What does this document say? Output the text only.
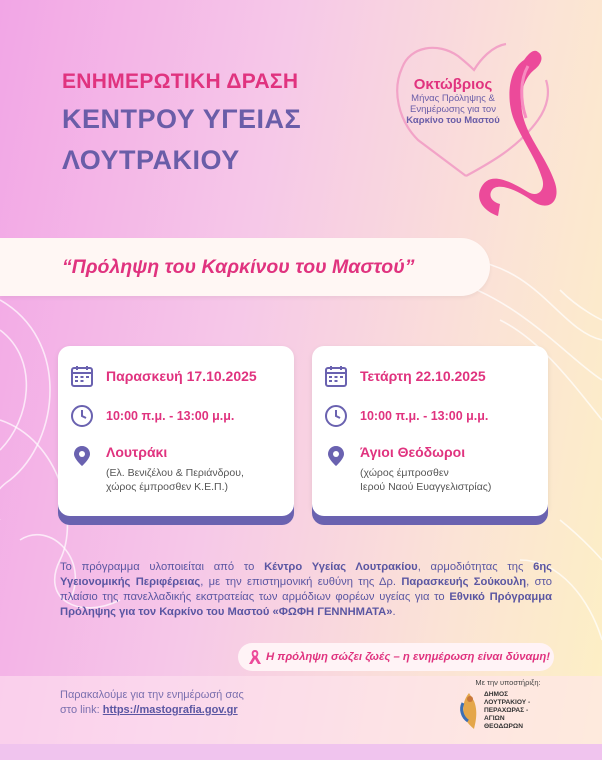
ΕΝΗΜΕΡΩΤΙΚΗ ΔΡΑΣΗ
ΚΕΝΤΡΟΥ ΥΓΕΙΑΣ
ΛΟΥΤΡΑΚΙΟΥ
Οκτώβριος
Μήνας Πρόληψης &
Ενημέρωσης για τον
Καρκίνο του Μαστού
“Πρόληψη του Καρκίνου του Μαστού”
Παρασκευή 17.10.2025
10:00 π.μ. - 13:00 μ.μ.
Λουτράκι
(Ελ. Βενιζέλου & Περιάνδρου,
χώρος έμπροσθεν Κ.Ε.Π.)
Τετάρτη 22.10.2025
10:00 π.μ. - 13:00 μ.μ.
Άγιοι Θεόδωροι
(χώρος έμπροσθεν
Ιερού Ναού Ευαγγελιστρίας)
Το πρόγραμμα υλοποιείται από το Κέντρο Υγείας Λουτρακίου, αρμοδιότητας της 6ης Υγειονομικής Περιφέρειας, με την επιστημονική ευθύνη της Δρ. Παρασκευής Σούκουλη, στο πλαίσιο της πανελλαδικής εκστρατείας των αρμόδιων φορέων υγείας για το Εθνικό Πρόγραμμα Πρόληψης για τον Καρκίνο του Μαστού «ΦΩΦΗ ΓΕΝΝΗΜΑΤΑ».
Η πρόληψη σώζει ζωές – η ενημέρωση είναι δύναμη!
Παρακαλούμε για την ενημέρωσή σας
στο link: https://mastografia.gov.gr
Με την υποστήριξη:
ΔΗΜΟΣ
ΛΟΥΤΡΑΚΙΟΥ -
ΠΕΡΑΧΩΡΑΣ -
ΑΓΙΩΝ
ΘΕΟΔΩΡΩΝ
